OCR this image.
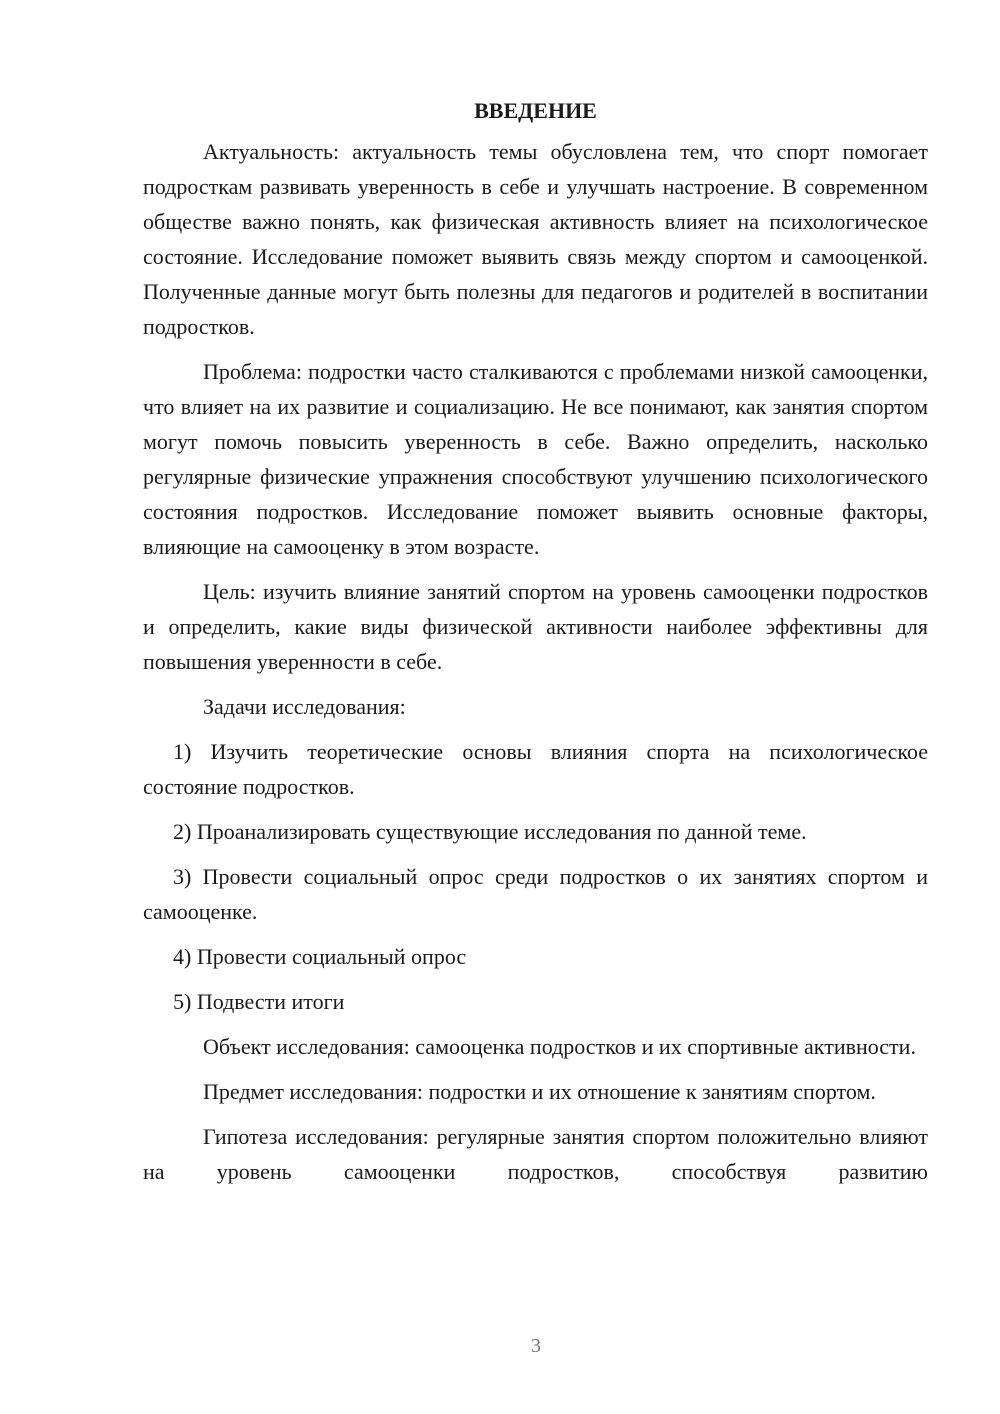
ВВЕДЕНИЕ

Актуальность: актуальность темы обусловлена тем, что спорт помогает подросткам развивать уверенность в себе и улучшать настроение. В современном обществе важно понять, как физическая активность влияет на психологическое состояние. Исследование поможет выявить связь между спортом и самооценкой. Полученные данные могут быть полезны для педагогов и родителей в воспитании подростков.

Проблема: подростки часто сталкиваются с проблемами низкой самооценки, что влияет на их развитие и социализацию. Не все понимают, как занятия спортом могут помочь повысить уверенность в себе. Важно определить, насколько регулярные физические упражнения способствуют улучшению психологического состояния подростков. Исследование поможет выявить основные факторы, влияющие на самооценку в этом возрасте.

Цель: изучить влияние занятий спортом на уровень самооценки подростков и определить, какие виды физической активности наиболее эффективны для повышения уверенности в себе.

Задачи исследования:

1) Изучить теоретические основы влияния спорта на психологическое состояние подростков.

2) Проанализировать существующие исследования по данной теме.

3) Провести социальный опрос среди подростков о их занятиях спортом и самооценке.

4) Провести социальный опрос

5) Подвести итоги

Объект исследования: самооценка подростков и их спортивные активности.

Предмет исследования: подростки и их отношение к занятиям спортом.

Гипотеза исследования: регулярные занятия спортом положительно влияют на уровень самооценки подростков, способствуя развитию

3
